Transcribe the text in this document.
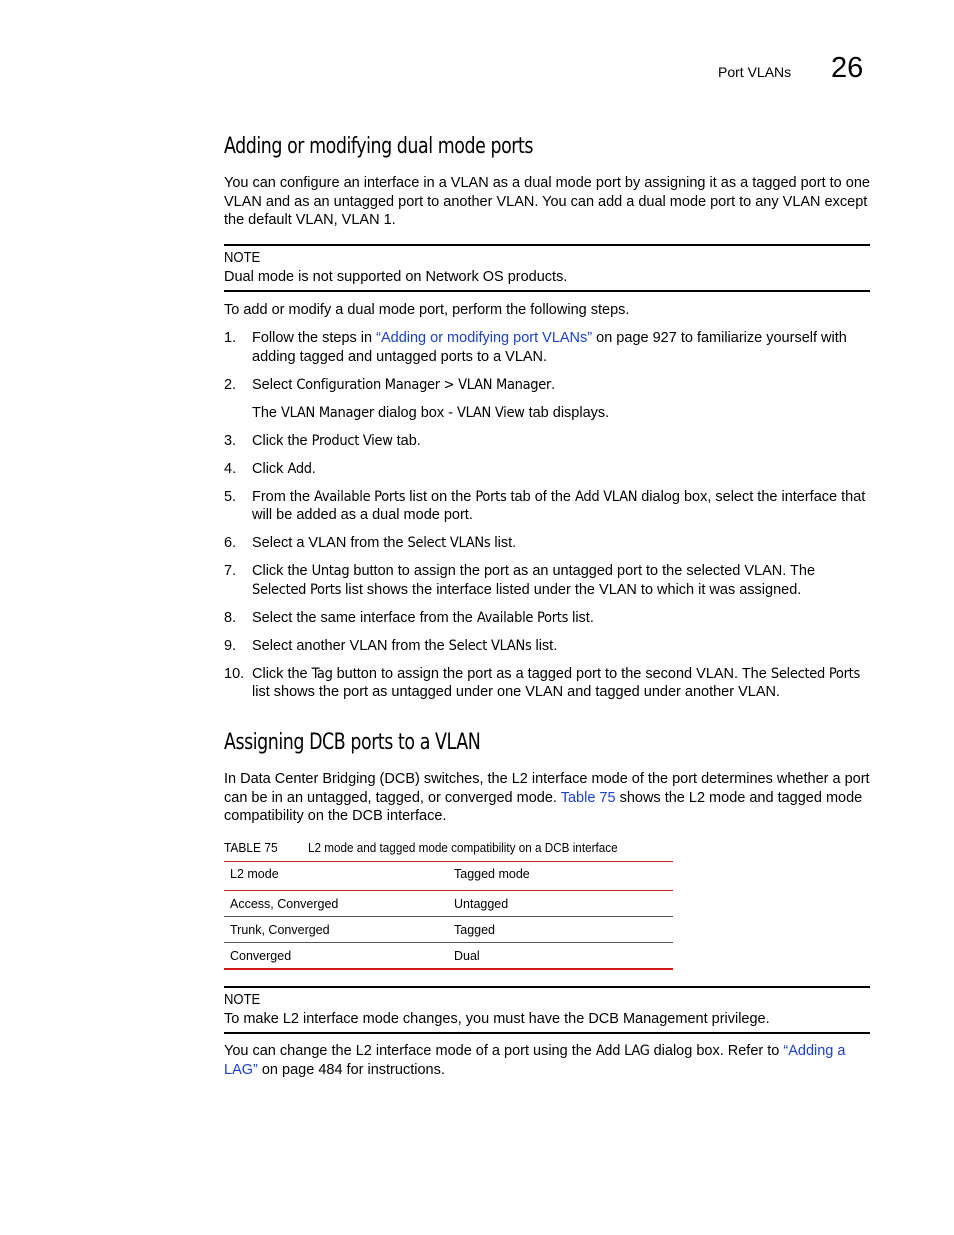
Port VLANs 26
Adding or modifying dual mode ports

You can configure an interface in a VLAN as a dual mode port by assigning it as a tagged port to one VLAN and as an untagged port to another VLAN. You can add a dual mode port to any VLAN except the default VLAN, VLAN 1.

NOTE
Dual mode is not supported on Network OS products.

To add or modify a dual mode port, perform the following steps.

1. Follow the steps in “Adding or modifying port VLANs” on page 927 to familiarize yourself with adding tagged and untagged ports to a VLAN.
2. Select Configuration Manager > VLAN Manager.
The VLAN Manager dialog box - VLAN View tab displays.
3. Click the Product View tab.
4. Click Add.
5. From the Available Ports list on the Ports tab of the Add VLAN dialog box, select the interface that will be added as a dual mode port.
6. Select a VLAN from the Select VLANs list.
7. Click the Untag button to assign the port as an untagged port to the selected VLAN. The Selected Ports list shows the interface listed under the VLAN to which it was assigned.
8. Select the same interface from the Available Ports list.
9. Select another VLAN from the Select VLANs list.
10. Click the Tag button to assign the port as a tagged port to the second VLAN. The Selected Ports list shows the port as untagged under one VLAN and tagged under another VLAN.
Assigning DCB ports to a VLAN

In Data Center Bridging (DCB) switches, the L2 interface mode of the port determines whether a port can be in an untagged, tagged, or converged mode. Table 75 shows the L2 mode and tagged mode compatibility on the DCB interface.

TABLE 75	L2 mode and tagged mode compatibility on a DCB interface
L2 mode	Tagged mode
Access, Converged	Untagged
Trunk, Converged	Tagged
Converged	Dual
NOTE
To make L2 interface mode changes, you must have the DCB Management privilege.

You can change the L2 interface mode of a port using the Add LAG dialog box. Refer to “Adding a LAG” on page 484 for instructions.
